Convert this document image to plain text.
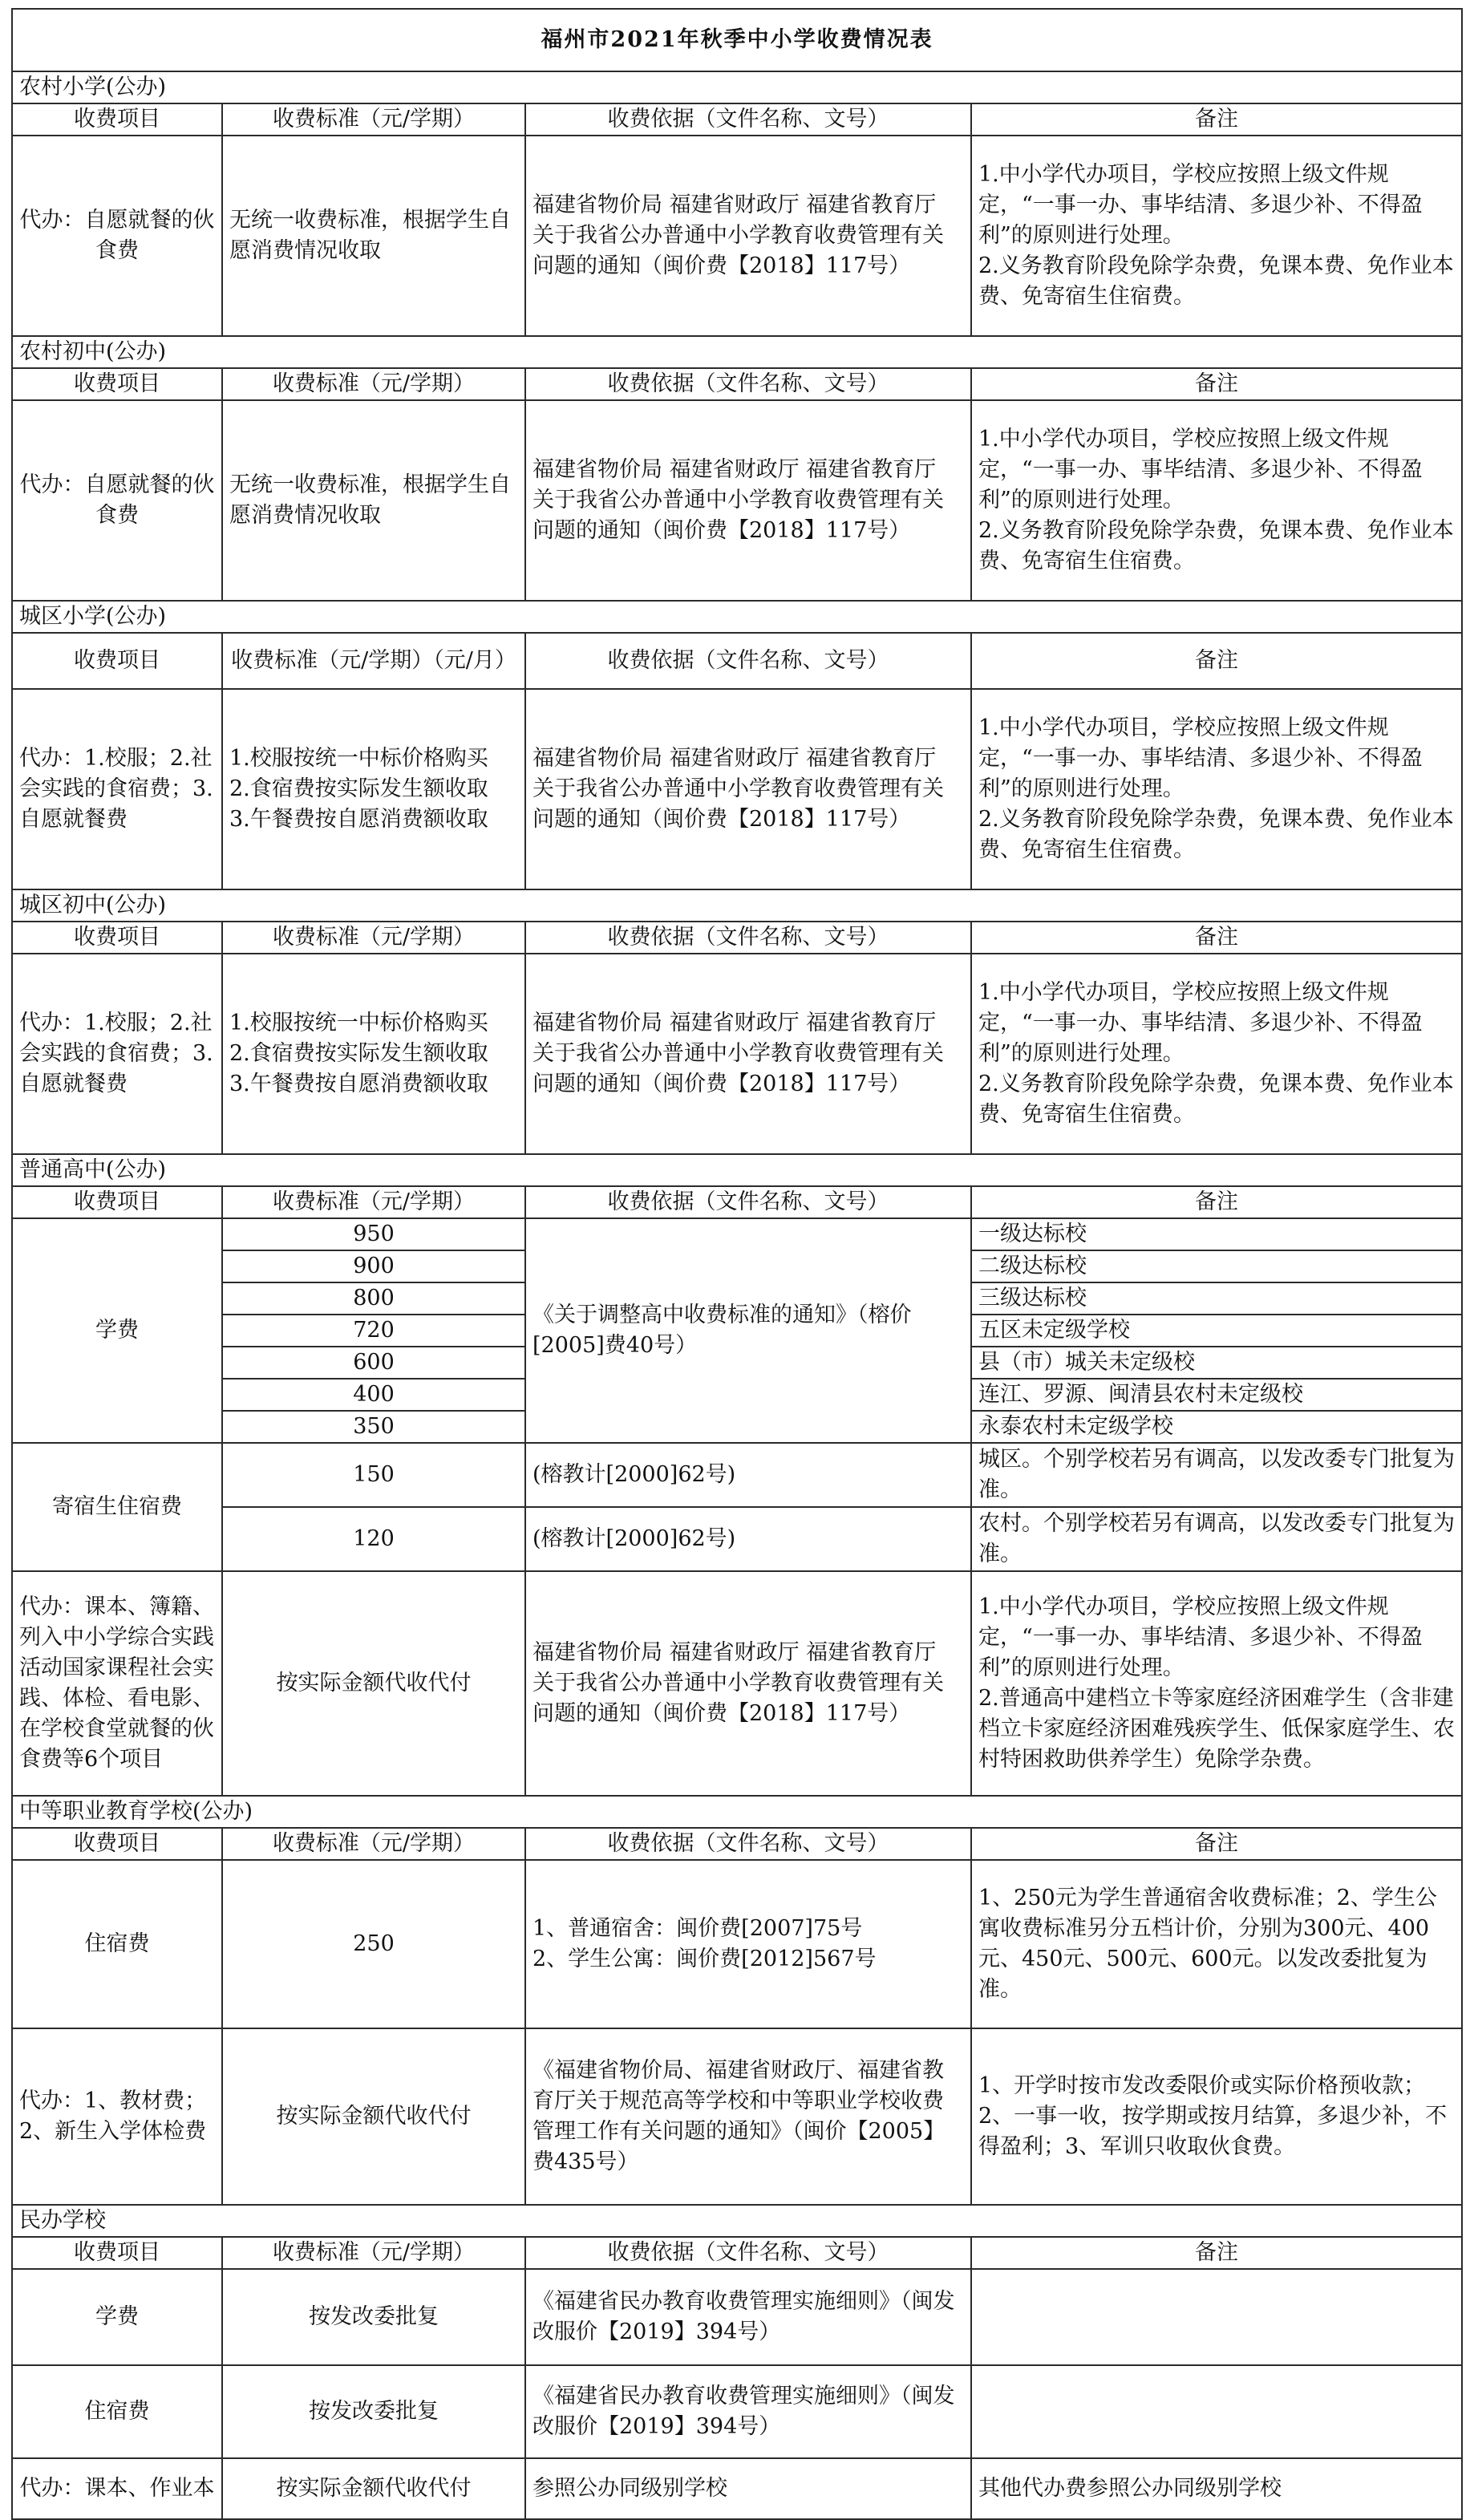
福州市2021年秋季中小学收费情况表			
农村小学(公办)			
收费项目	收费标准（元/学期）	收费依据（文件名称、文号）	备注
代办：自愿就餐的伙食费	无统一收费标准，根据学生自愿消费情况收取	福建省物价局 福建省财政厅 福建省教育厅 关于我省公办普通中小学教育收费管理有关问题的通知（闽价费【2018】117号）	1.中小学代办项目，学校应按照上级文件规定，“一事一办、事毕结清、多退少补、不得盈利”的原则进行处理。
2.义务教育阶段免除学杂费，免课本费、免作业本费、免寄宿生住宿费。
农村初中(公办)			
收费项目	收费标准（元/学期）	收费依据（文件名称、文号）	备注
代办：自愿就餐的伙食费	无统一收费标准，根据学生自愿消费情况收取	福建省物价局 福建省财政厅 福建省教育厅 关于我省公办普通中小学教育收费管理有关问题的通知（闽价费【2018】117号）	1.中小学代办项目，学校应按照上级文件规定，“一事一办、事毕结清、多退少补、不得盈利”的原则进行处理。
2.义务教育阶段免除学杂费，免课本费、免作业本费、免寄宿生住宿费。
城区小学(公办)			
收费项目	收费标准（元/学期）（元/月）	收费依据（文件名称、文号）	备注
代办：1.校服；2.社会实践的食宿费；3.自愿就餐费	1.校服按统一中标价格购买
2.食宿费按实际发生额收取
3.午餐费按自愿消费额收取	福建省物价局 福建省财政厅 福建省教育厅 关于我省公办普通中小学教育收费管理有关问题的通知（闽价费【2018】117号）	1.中小学代办项目，学校应按照上级文件规定，“一事一办、事毕结清、多退少补、不得盈利”的原则进行处理。
2.义务教育阶段免除学杂费，免课本费、免作业本费、免寄宿生住宿费。
城区初中(公办)			
收费项目	收费标准（元/学期）	收费依据（文件名称、文号）	备注
代办：1.校服；2.社会实践的食宿费；3.自愿就餐费	1.校服按统一中标价格购买
2.食宿费按实际发生额收取
3.午餐费按自愿消费额收取	福建省物价局 福建省财政厅 福建省教育厅 关于我省公办普通中小学教育收费管理有关问题的通知（闽价费【2018】117号）	1.中小学代办项目，学校应按照上级文件规定，“一事一办、事毕结清、多退少补、不得盈利”的原则进行处理。
2.义务教育阶段免除学杂费，免课本费、免作业本费、免寄宿生住宿费。
普通高中(公办)			
收费项目	收费标准（元/学期）	收费依据（文件名称、文号）	备注
学费	950	《关于调整高中收费标准的通知》（榕价[2005]费40号）	一级达标校
	900		二级达标校
	800		三级达标校
	720		五区未定级学校
	600		县（市）城关未定级校
	400		连江、罗源、闽清县农村未定级校
	350		永泰农村未定级学校
寄宿生住宿费	150	(榕教计[2000]62号)	城区。个别学校若另有调高，以发改委专门批复为准。
	120	(榕教计[2000]62号)	农村。个别学校若另有调高，以发改委专门批复为准。
代办：课本、簿籍、列入中小学综合实践活动国家课程社会实践、体检、看电影、在学校食堂就餐的伙食费等6个项目	按实际金额代收代付	福建省物价局 福建省财政厅 福建省教育厅 关于我省公办普通中小学教育收费管理有关问题的通知（闽价费【2018】117号）	1.中小学代办项目，学校应按照上级文件规定，“一事一办、事毕结清、多退少补、不得盈利”的原则进行处理。
2.普通高中建档立卡等家庭经济困难学生（含非建档立卡家庭经济困难残疾学生、低保家庭学生、农村特困救助供养学生）免除学杂费。
中等职业教育学校(公办)			
收费项目	收费标准（元/学期）	收费依据（文件名称、文号）	备注
住宿费	250	1、普通宿舍：闽价费[2007]75号
2、学生公寓：闽价费[2012]567号	1、250元为学生普通宿舍收费标准；2、学生公寓收费标准另分五档计价，分别为300元、400元、450元、500元、600元。以发改委批复为准。
代办：1、教材费；2、新生入学体检费	按实际金额代收代付	《福建省物价局、福建省财政厅、福建省教育厅关于规范高等学校和中等职业学校收费管理工作有关问题的通知》（闽价【2005】费435号）	1、开学时按市发改委限价或实际价格预收款；2、一事一收，按学期或按月结算，多退少补，不得盈利；3、军训只收取伙食费。
民办学校			
收费项目	收费标准（元/学期）	收费依据（文件名称、文号）	备注
学费	按发改委批复	《福建省民办教育收费管理实施细则》（闽发改服价【2019】394号）	
住宿费	按发改委批复	《福建省民办教育收费管理实施细则》（闽发改服价【2019】394号）	
代办：课本、作业本	按实际金额代收代付	参照公办同级别学校	其他代办费参照公办同级别学校
